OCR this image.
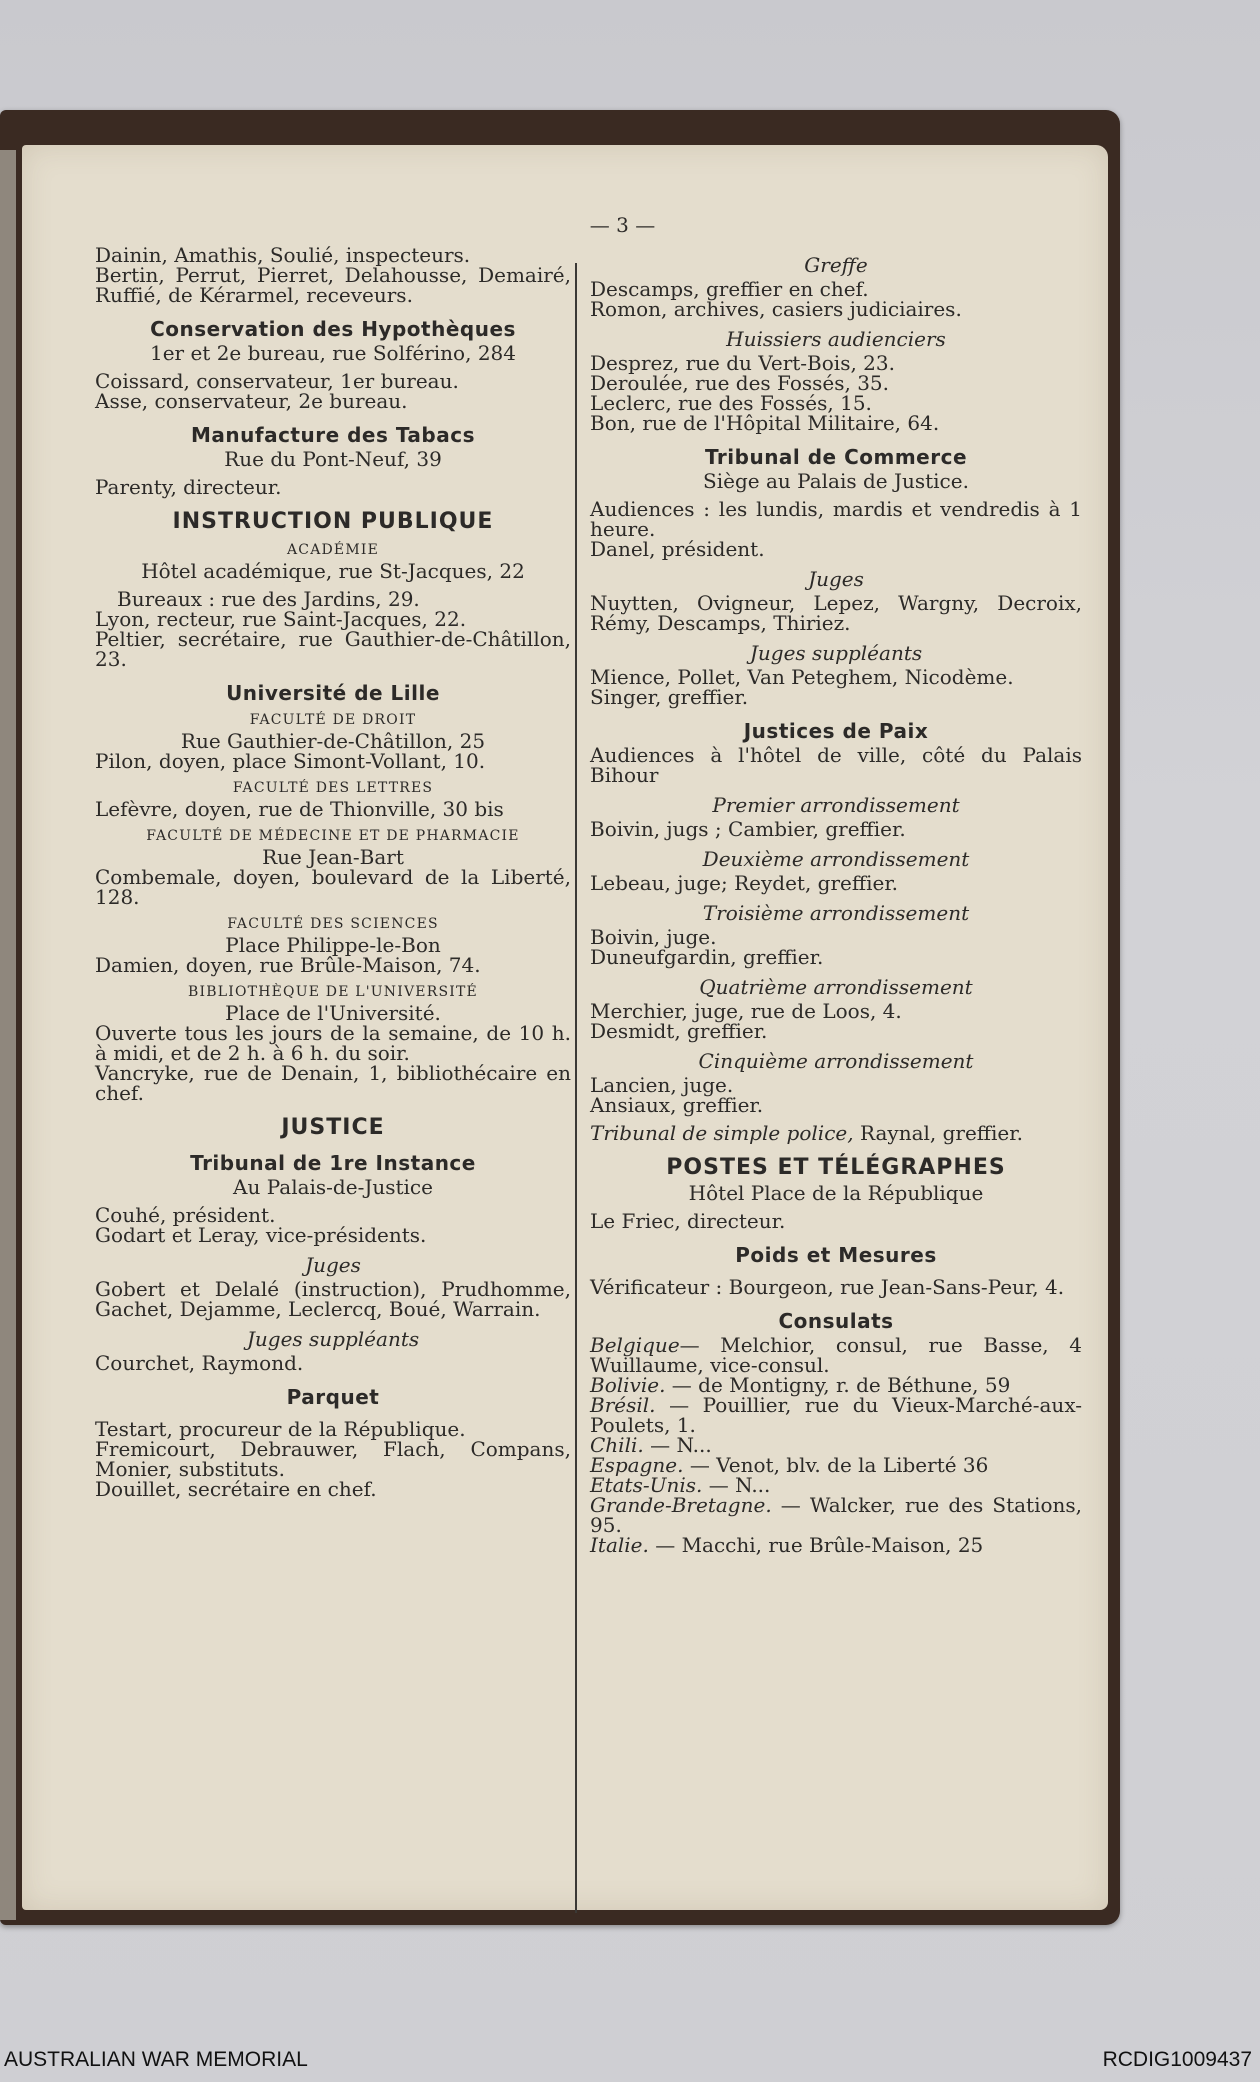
— 3 —

Dainin, Amathis, Soulié, inspecteurs.

Bertin, Perrut, Pierret, Delahousse, Demairé, Ruffié, de Kérarmel, receveurs.

Conservation des Hypothèques

1er et 2e bureau, rue Solférino, 284

Coissard, conservateur, 1er bureau.

Asse, conservateur, 2e bureau.

Manufacture des Tabacs

Rue du Pont-Neuf, 39

Parenty, directeur.

INSTRUCTION PUBLIQUE
ACADÉMIE

Hôtel académique, rue St-Jacques, 22

Bureaux : rue des Jardins, 29.

Lyon, recteur, rue Saint-Jacques, 22.

Peltier, secrétaire, rue Gauthier-de-Châtillon, 23.

Université de Lille
FACULTÉ DE DROIT

Rue Gauthier-de-Châtillon, 25

Pilon, doyen, place Simont-Vollant, 10.

FACULTÉ DES LETTRES

Lefèvre, doyen, rue de Thionville, 30 bis

FACULTÉ DE MÉDECINE ET DE PHARMACIE

Rue Jean-Bart

Combemale, doyen, boulevard de la Liberté, 128.

FACULTÉ DES SCIENCES

Place Philippe-le-Bon

Damien, doyen, rue Brûle-Maison, 74.

BIBLIOTHÈQUE DE L'UNIVERSITÉ

Place de l'Université.

Ouverte tous les jours de la semaine, de 10 h. à midi, et de 2 h. à 6 h. du soir.

Vancryke, rue de Denain, 1, bibliothécaire en chef.

JUSTICE
Tribunal de 1re Instance

Au Palais-de-Justice

Couhé, président.

Godart et Leray, vice-présidents.

Juges

Gobert et Delalé (instruction), Prudhomme, Gachet, Dejamme, Leclercq, Boué, Warrain.

Juges suppléants

Courchet, Raymond.

Parquet

Testart, procureur de la République.

Fremicourt, Debrauwer, Flach, Compans, Monier, substituts.

Douillet, secrétaire en chef.

Greffe

Descamps, greffier en chef.

Romon, archives, casiers judiciaires.

Huissiers audienciers

Desprez, rue du Vert-Bois, 23.

Deroulée, rue des Fossés, 35.

Leclerc, rue des Fossés, 15.

Bon, rue de l'Hôpital Militaire, 64.

Tribunal de Commerce

Siège au Palais de Justice.

Audiences : les lundis, mardis et vendredis à 1 heure.

Danel, président.

Juges

Nuytten, Ovigneur, Lepez, Wargny, Decroix, Rémy, Descamps, Thiriez.

Juges suppléants

Mience, Pollet, Van Peteghem, Nicodème.

Singer, greffier.

Justices de Paix

Audiences à l'hôtel de ville, côté du Palais Bihour

Premier arrondissement

Boivin, jugs ; Cambier, greffier.

Deuxième arrondissement

Lebeau, juge; Reydet, greffier.

Troisième arrondissement

Boivin, juge.

Duneufgardin, greffier.

Quatrième arrondissement

Merchier, juge, rue de Loos, 4.

Desmidt, greffier.

Cinquième arrondissement

Lancien, juge.

Ansiaux, greffier.

Tribunal de simple police, Raynal, greffier.

POSTES ET TÉLÉGRAPHES

Hôtel Place de la République

Le Friec, directeur.

Poids et Mesures

Vérificateur : Bourgeon, rue Jean-Sans-Peur, 4.

Consulats

Belgique— Melchior, consul, rue Basse, 4 Wuillaume, vice-consul.

Bolivie. — de Montigny, r. de Béthune, 59

Brésil. — Pouillier, rue du Vieux-Marché-aux-Poulets, 1.

Chili. — N...

Espagne. — Venot, blv. de la Liberté 36

Etats-Unis. — N...

Grande-Bretagne. — Walcker, rue des Stations, 95.

Italie. — Macchi, rue Brûle-Maison, 25

AUSTRALIAN WAR MEMORIAL	RCDIG1009437
